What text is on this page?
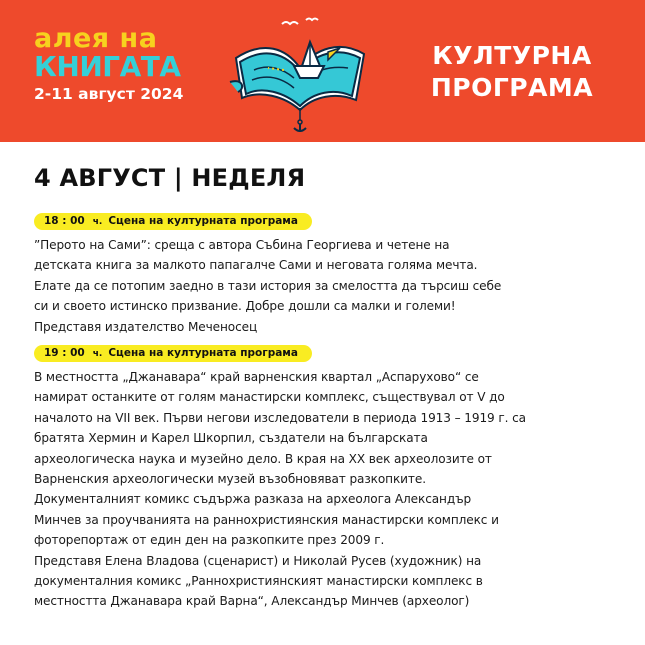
алея на
КНИГАТА
2-11 август 2024
КУЛТУРНА
ПРОГРАМА
4 АВГУСТ | НЕДЕЛЯ
18 : 00 ч. Сцена на културната програма
”Перото на Сами”: среща с автора Събина Георгиева и четене на
детската книга за малкото папагалче Сами и неговата голяма мечта.
Елате да се потопим заедно в тази история за смелостта да търсиш себе
си и своето истинско призвание. Добре дошли са малки и големи!
Представя издателство Меченосец
19 : 00 ч. Сцена на културната програма
В местността „Джанавара“ край варненския квартал „Аспарухово“ се
намират останките от голям манастирски комплекс, съществувал от V до
началото на VII век. Първи негови изследователи в периода 1913 – 1919 г. са
братята Хермин и Карел Шкорпил, създатели на българската
археологическа наука и музейно дело. В края на XX век археолозите от
Варненския археологически музей възобновяват разкопките.
Документалният комикс съдържа разказа на археолога Александър
Минчев за проучванията на раннохристиянския манастирски комплекс и
фоторепортаж от един ден на разкопките през 2009 г.
Представя Елена Владова (сценарист) и Николай Русев (художник) на
документалния комикс „Раннохристиянският манастирски комплекс в
местността Джанавара край Варна“, Александър Минчев (археолог)
